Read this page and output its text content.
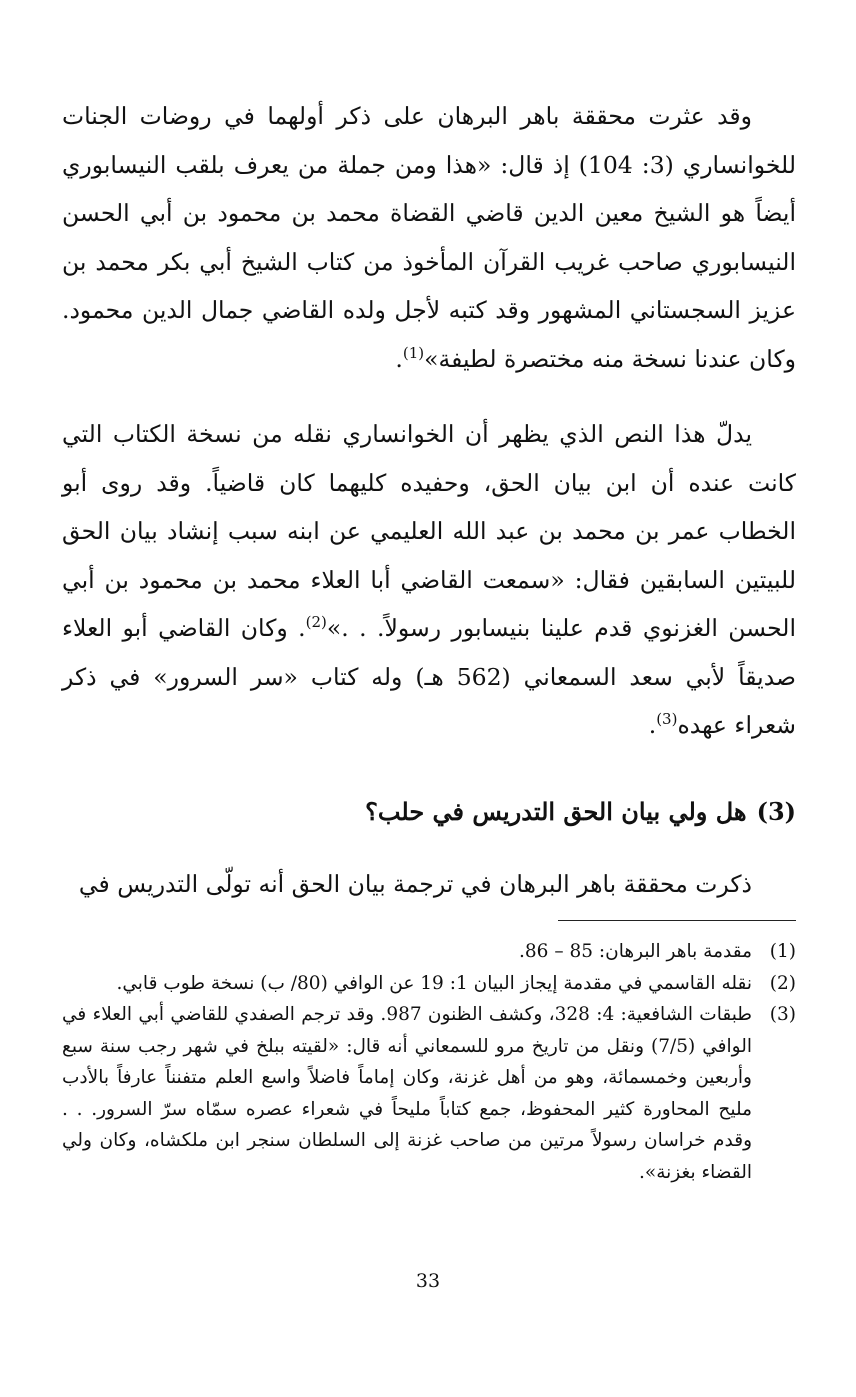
وقد عثرت محققة باهر البرهان على ذكر أولهما في روضات الجنات للخوانساري (3: 104) إذ قال: «هذا ومن جملة من يعرف بلقب النيسابوري أيضاً هو الشيخ معين الدين قاضي القضاة محمد بن محمود بن أبي الحسن النيسابوري صاحب غريب القرآن المأخوذ من كتاب الشيخ أبي بكر محمد بن عزيز السجستاني المشهور وقد كتبه لأجل ولده القاضي جمال الدين محمود. وكان عندنا نسخة منه مختصرة لطيفة»$^{(1)}$.

يدلّ هذا النص الذي يظهر أن الخوانساري نقله من نسخة الكتاب التي كانت عنده أن ابن بيان الحق، وحفيده كليهما كان قاضياً. وقد روى أبو الخطاب عمر بن محمد بن عبد الله العليمي عن ابنه سبب إنشاد بيان الحق للبيتين السابقين فقال: «سمعت القاضي أبا العلاء محمد بن محمود بن أبي الحسن الغزنوي قدم علينا بنيسابور رسولاً. . .»$^{(2)}$. وكان القاضي أبو العلاء صديقاً لأبي سعد السمعاني (562 هـ) وله كتاب «سر السرور» في ذكر شعراء عهده$^{(3)}$.

(3)هل ولي بيان الحق التدريس في حلب؟

ذكرت محققة باهر البرهان في ترجمة بيان الحق أنه تولّى التدريس في

(1)
مقدمة باهر البرهان: 85 – 86.
(2)
نقله القاسمي في مقدمة إيجاز البيان 1: 19 عن الوافي (80/ ب) نسخة طوب قابي.
(3)
طبقات الشافعية: 4: 328، وكشف الظنون 987. وقد ترجم الصفدي للقاضي أبي العلاء في الوافي (7/5) ونقل من تاريخ مرو للسمعاني أنه قال: «لقيته ببلخ في شهر رجب سنة سبع وأربعين وخمسمائة، وهو من أهل غزنة، وكان إماماً فاضلاً واسع العلم متفنناً عارفاً بالأدب مليح المحاورة كثير المحفوظ، جمع كتاباً مليحاً في شعراء عصره سمّاه سرّ السرور. . . وقدم خراسان رسولاً مرتين من صاحب غزنة إلى السلطان سنجر ابن ملكشاه، وكان ولي القضاء بغزنة».
33
